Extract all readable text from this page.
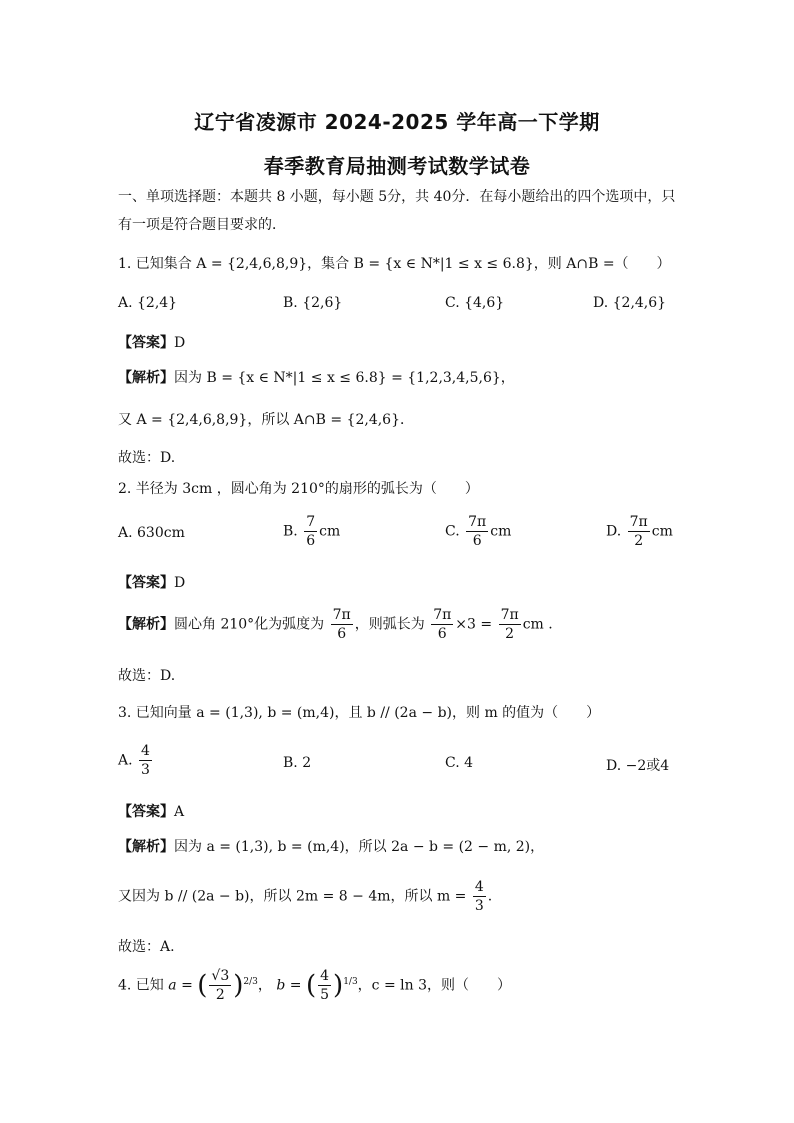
辽宁省凌源市 2024-2025 学年高一下学期
春季教育局抽测考试数学试卷
一、单项选择题：本题共 8 小题，每小题 5分，共 40分．在每小题给出的四个选项中，只有一项是符合题目要求的．
1. 已知集合 A = {2,4,6,8,9}，集合 B = {x ∈ N*|1 ≤ x ≤ 6.8}，则 A∩B =（　　）
A. {2,4}	B. {2,6}	C. {4,6}	D. {2,4,6}
【答案】D
【解析】因为 B = {x ∈ N*|1 ≤ x ≤ 6.8} = {1,2,3,4,5,6}，
又 A = {2,4,6,8,9}，所以 A∩B = {2,4,6}．
故选：D.
2. 半径为 3cm ，圆心角为 210°的扇形的弧长为（　　）
A. 630cm	B. $\frac{7}{6}$ cm	C. $\frac{7\pi}{6}$ cm	D. $\frac{7\pi}{2}$ cm
【答案】D
【解析】圆心角 210°化为弧度为 $\frac{7\pi}{6}$ ，则弧长为 $\frac{7\pi}{6} \times 3 = \frac{7\pi}{2}$ cm .
故选：D.
3. 已知向量 a = (1,3), b = (m,4)，且 b // (2a − b)，则 m 的值为（　　）
A. $\frac{4}{3}$	B. 2	C. 4	D. −2或4
【答案】A
【解析】因为 a = (1,3), b = (m,4)，所以 2a − b = (2 − m, 2)，
又因为 b // (2a − b)，所以 2m = 8 − 4m，所以 $m = \frac{4}{3}$ .
故选：A.
4. 已知 a = ( $\frac{√3}{2} )^{2/3}$， b = ( $\frac{4}{5} )^{1/3}$，c = ln 3，则（　　）
